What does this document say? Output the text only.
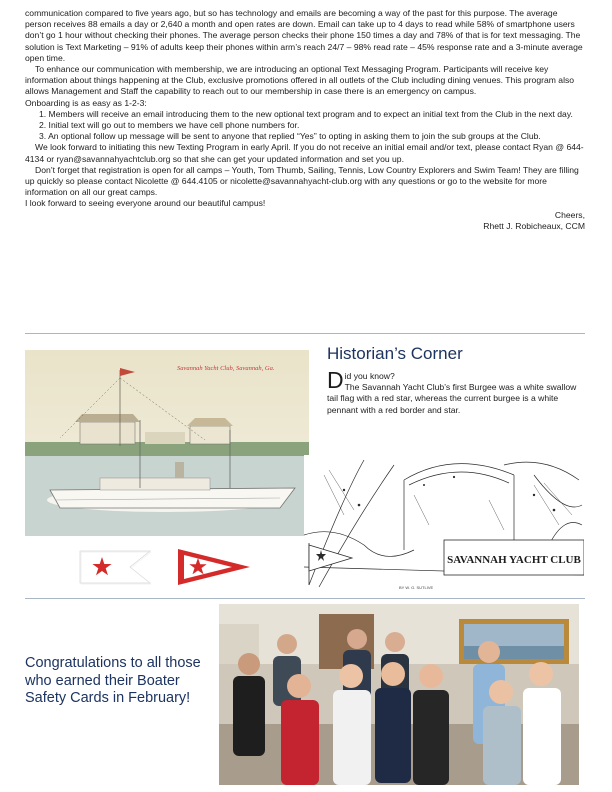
communication compared to five years ago, but so has technology and emails are becoming a way of the past for this purpose. The average person receives 88 emails a day or 2,640 a month and open rates are down. Email can take up to 4 days to read while 58% of smartphone users don’t go 1 hour without checking their phones. The average person checks their phone 150 times a day and 78% of that is for text messaging. The solution is Text Marketing – 91% of adults keep their phones within arm’s reach 24/7 – 98% read rate – 45% response rate and a 3-minute average open time.

To enhance our communication with membership, we are introducing an optional Text Messaging Program. Participants will receive key information about things happening at the Club, exclusive promotions offered in all outlets of the Club including dining venues. This program also allows Management and Staff the capability to reach out to our membership in case there is an emergency on campus.

Onboarding is as easy as 1-2-3:

1. Members will receive an email introducing them to the new optional text program and to expect an initial text from the Club in the next day.
2. Initial text will go out to members we have cell phone numbers for.
3. An optional follow up message will be sent to anyone that replied “Yes” to opting in asking them to join the sub groups at the Club.

We look forward to initiating this new Texting Program in early April. If you do not receive an initial email and/or text, please contact Ryan @ 644-4134 or ryan@savannahyachtclub.org so that she can get your updated information and set you up.

Don’t forget that registration is open for all camps – Youth, Tom Thumb, Sailing, Tennis, Low Country Explorers and Swim Team! They are filling up quickly so please contact Nicolette @ 644.4105 or nicolette@savannahyacht-club.org with any questions or go to the website for more information on all our great camps.

I look forward to seeing everyone around our beautiful campus!

Cheers,

Rhett J. Robicheaux, CCM

Savannah Yacht Club, Savannah, Ga.
Historian’s Corner

Did you know?
The Savannah Yacht Club’s first Burgee was a white swallow tail flag with a red star, whereas the current burgee is a white pennant with a red border and star.

SAVANNAH YACHT CLUB
BY W. G. SUTLIVE

Congratulations to all those who earned their Boater Safety Cards in February!
